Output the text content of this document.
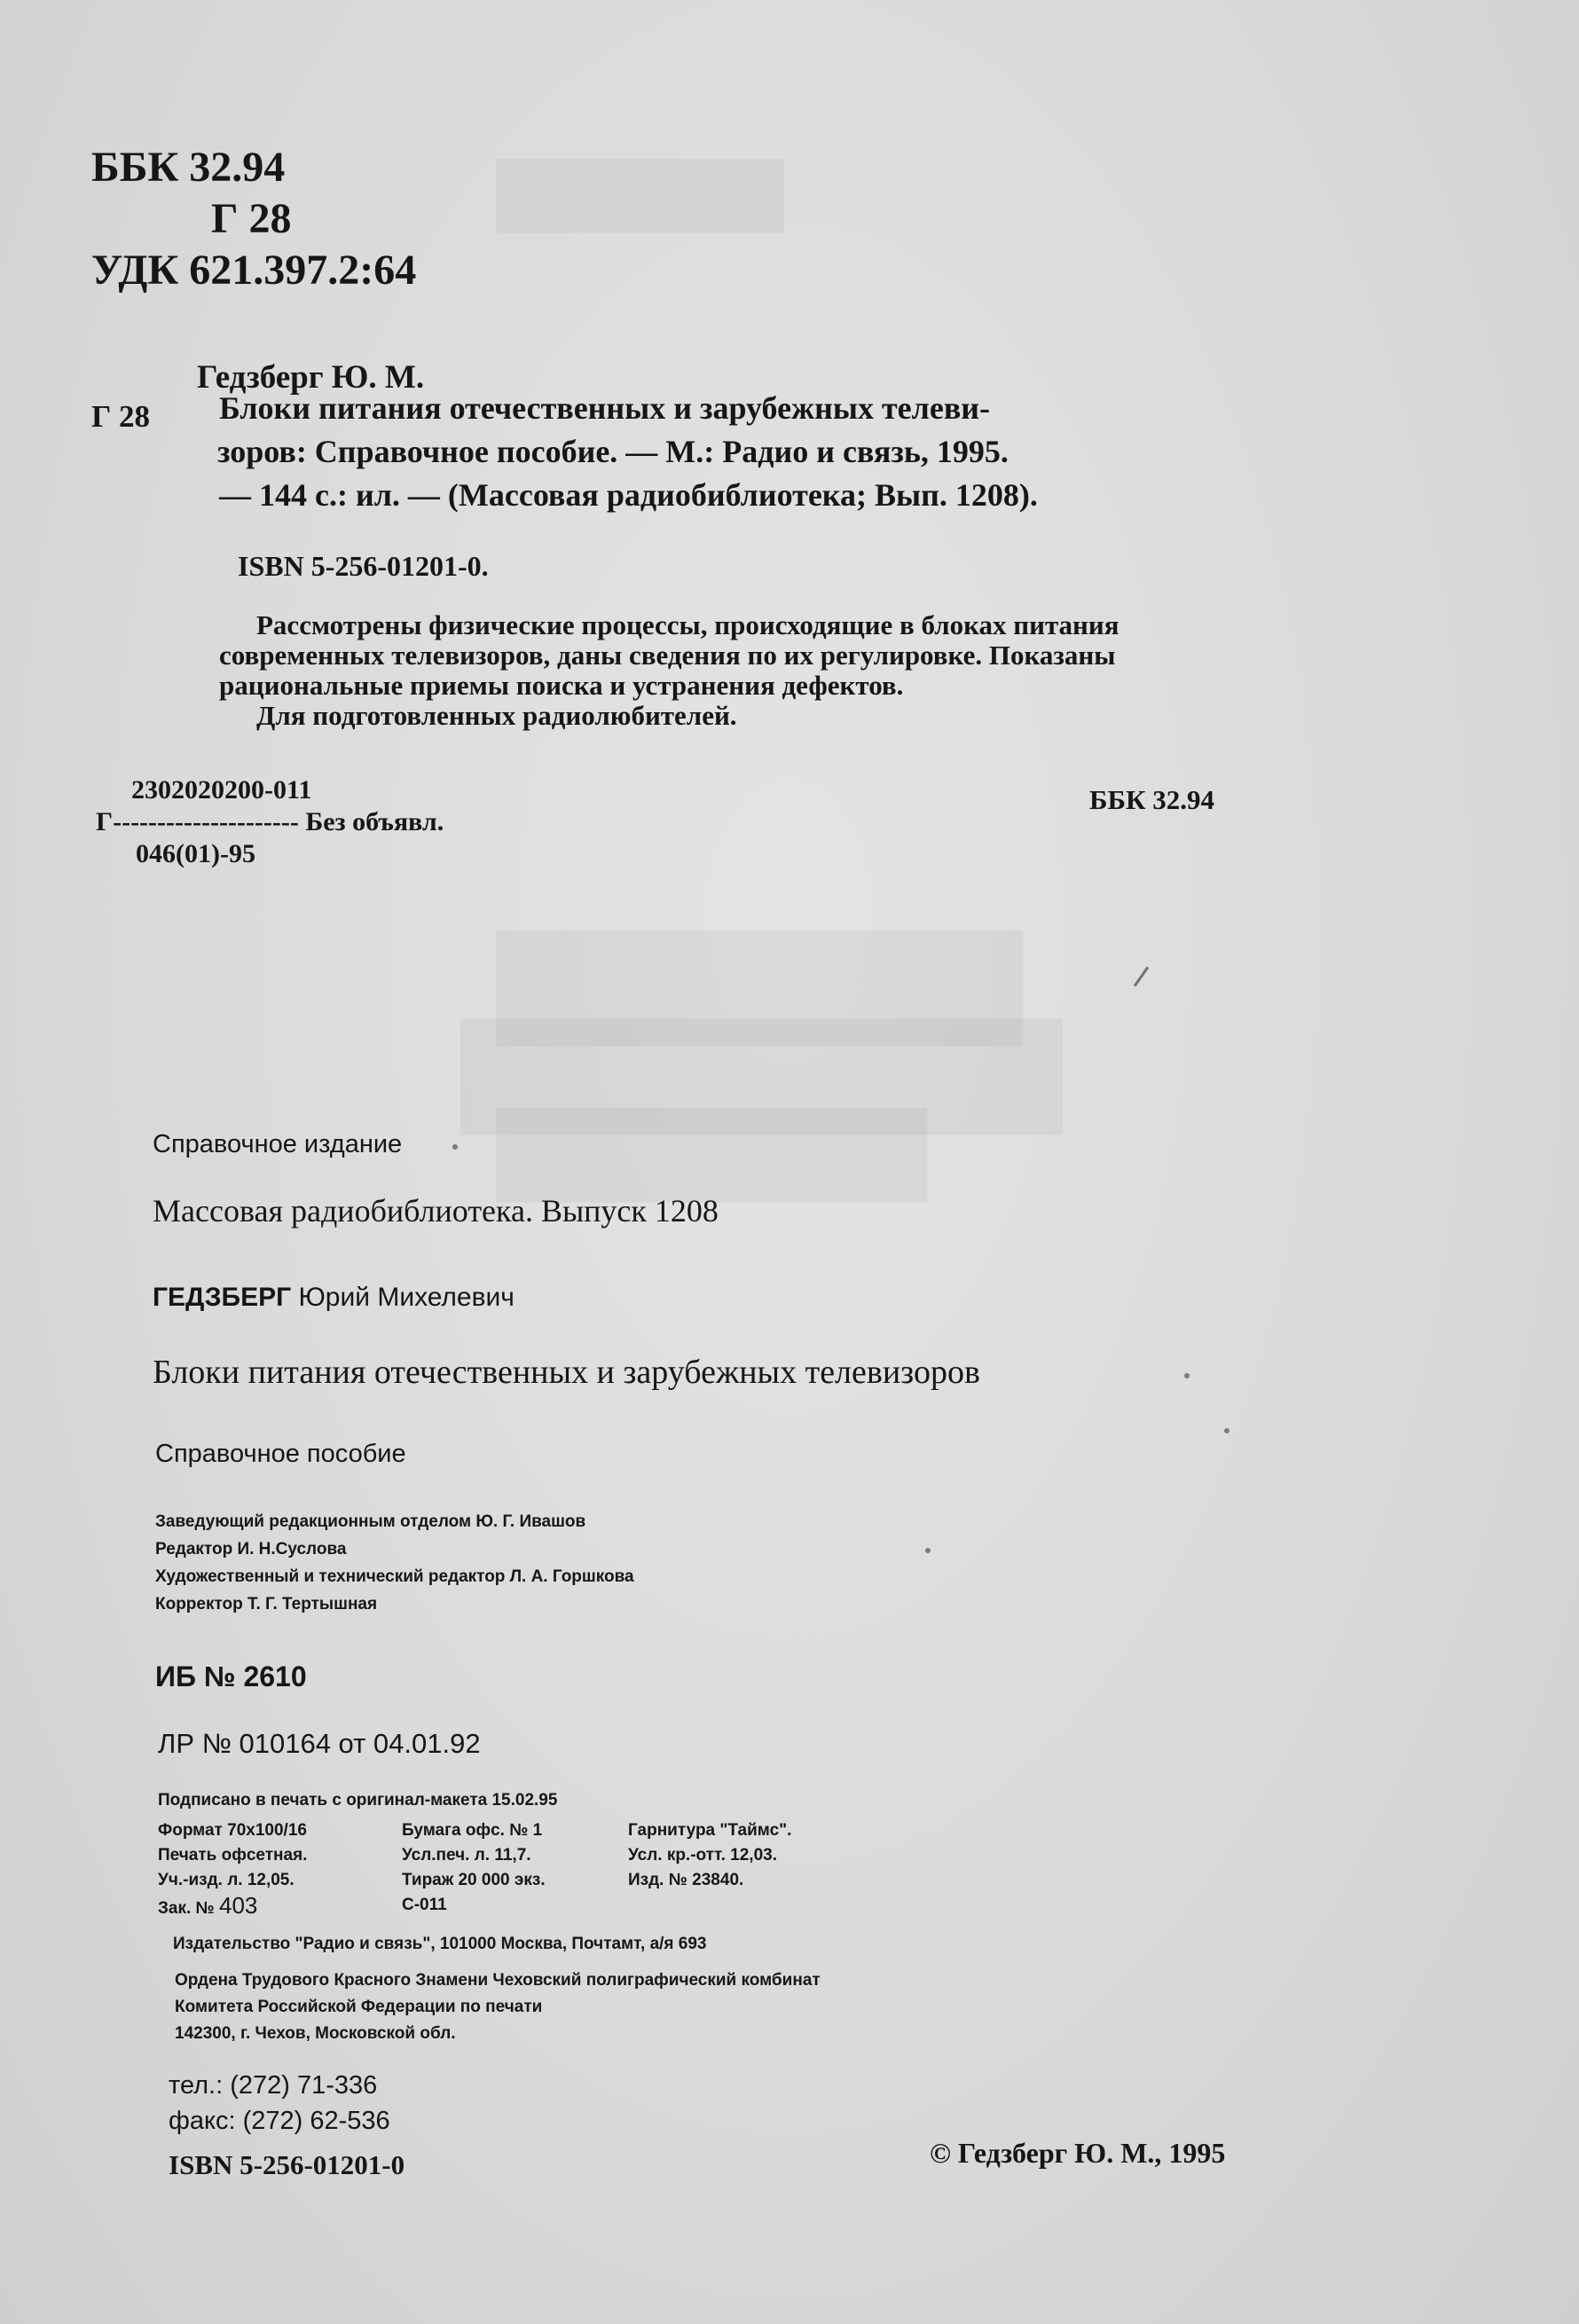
ББК 32.94
Г 28
УДК 621.397.2:64
Гедзберг Ю. М.
Г 28 Блоки питания отечественных и зарубежных телеви-

зоров: Справочное пособие. — М.: Радио и связь, 1995.

— 144 с.: ил. — (Массовая радиобиблиотека; Вып. 1208).

ISBN 5-256-01201-0.

Рассмотрены физические процессы, происходящие в блоках питания

современных телевизоров, даны сведения по их регулировке. Показаны

рациональные приемы поиска и устранения дефектов.

Для подготовленных радиолюбителей.

2302020200-011
Г--------------------- Без объявл.
046(01)-95
ББК 32.94
Справочное издание
Массовая радиобиблиотека. Выпуск 1208
ГЕДЗБЕРГ Юрий Михелевич
Блоки питания отечественных и зарубежных телевизоров
Справочное пособие
Заведующий редакционным отделом Ю. Г. Ивашов
Редактор И. Н.Суслова
Художественный и технический редактор Л. А. Горшкова
Корректор Т. Г. Тертышная
ИБ № 2610
ЛР № 010164 от 04.01.92
Подписано в печать с оригинал-макета 15.02.95
Формат 70х100/16	Бумага офс. № 1	Гарнитура "Таймс".
Печать офсетная.	Усл.печ. л. 11,7.	Усл. кр.-отт. 12,03.
Уч.-изд. л. 12,05.	Тираж 20 000 экз.	Изд. № 23840.
Зак. № 403	С-011
Издательство "Радио и связь", 101000 Москва, Почтамт, а/я 693
Ордена Трудового Красного Знамени Чеховский полиграфический комбинат
Комитета Российской Федерации по печати
142300, г. Чехов, Московской обл.
тел.: (272) 71-336
факс: (272) 62-536
ISBN 5-256-01201-0	© Гедзберг Ю. М., 1995
